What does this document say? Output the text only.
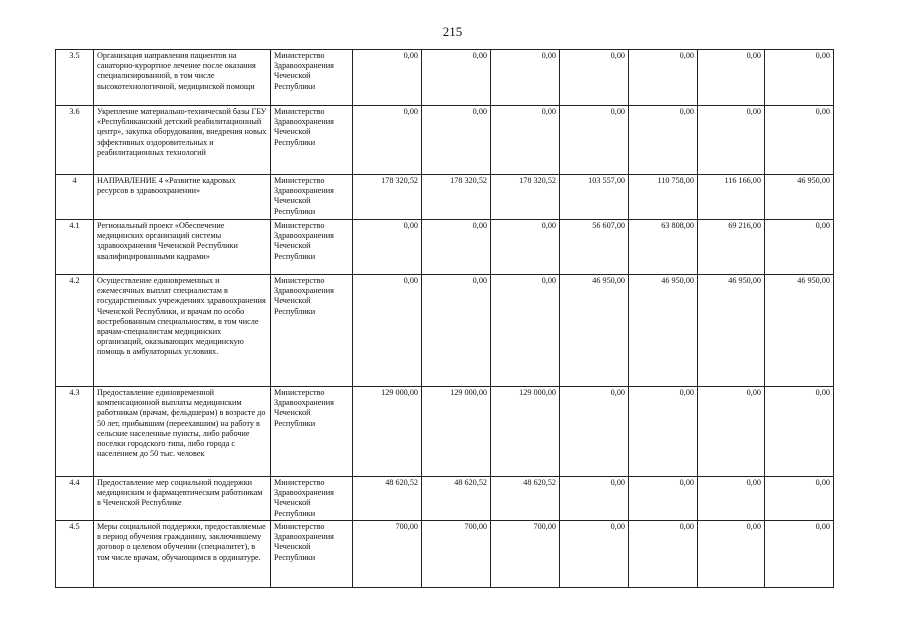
215
3.5	Организация направления пациентов на санаторно-курортное лечение после оказания специализированной, в том числе высокотехнологичной, медицинской помощи	Министерство Здравоохранения Чеченской Республики	0,00	0,00	0,00	0,00	0,00	0,00	0,00
3.6	Укрепление материально-технической базы ГБУ «Республиканский детский реабилитационный центр», закупка оборудования, внедрения новых эффективных оздоровительных и реабилитационных технологий	Министерство Здравоохранения Чеченской Республики	0,00	0,00	0,00	0,00	0,00	0,00	0,00
4	НАПРАВЛЕНИЕ 4 «Развитие кадровых ресурсов в здравоохранении»	Министерство Здравоохранения Чеченской Республики	178 320,52	178 320,52	178 320,52	103 557,00	110 758,00	116 166,00	46 950,00
4.1	Региональный проект «Обеспечение медицинских организаций системы здравоохранения Чеченской Республики квалифицированными кадрами»	Министерство Здравоохранения Чеченской Республики	0,00	0,00	0,00	56 607,00	63 808,00	69 216,00	0,00
4.2	Осуществление единовременных и ежемесячных выплат специалистам в государственных учреждениях здравоохранения Чеченской Республики, и врачам по особо востребованным специальностям, в том числе врачам-специалистам медицинских организаций, оказывающих медицинскую помощь в амбулаторных условиях.	Министерство Здравоохранения Чеченской Республики	0,00	0,00	0,00	46 950,00	46 950,00	46 950,00	46 950,00
4.3	Предоставление единовременной компенсационной выплаты медицинским работникам (врачам, фельдшерам) в возрасте до 50 лет, прибывшим (переехавшим) на работу в сельские населенные пункты, либо рабочие поселки городского типа, либо города с населением до 50 тыс. человек	Министерство Здравоохранения Чеченской Республики	129 000,00	129 000,00	129 000,00	0,00	0,00	0,00	0,00
4.4	Предоставление мер социальной поддержки медицинским и фармацевтическим работникам в Чеченской Республике	Министерство Здравоохранения Чеченской Республики	48 620,52	48 620,52	48 620,52	0,00	0,00	0,00	0,00
4.5	Меры социальной поддержки, предоставляемые в период обучения гражданину, заключившему договор о целевом обучении (специалитет), в том числе врачам, обучающимся в ординатуре.	Министерство Здравоохранения Чеченской Республики	700,00	700,00	700,00	0,00	0,00	0,00	0,00
